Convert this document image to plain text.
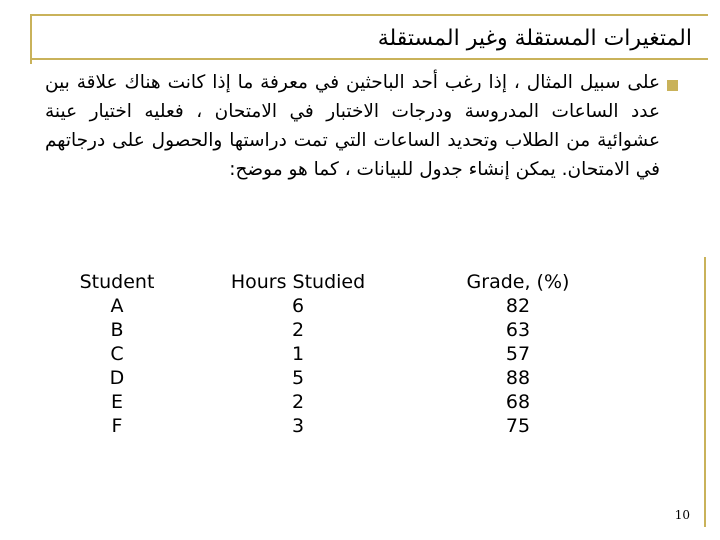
المتغيرات المستقلة وغير المستقلة
على سبيل المثال ، إذا رغب أحد الباحثين في معرفة ما إذا كانت هناك علاقة بين عدد الساعات المدروسة ودرجات الاختبار في الامتحان ، فعليه اختيار عينة عشوائية من الطلاب وتحديد الساعات التي تمت دراستها والحصول على درجاتهم في الامتحان. يمكن إنشاء جدول للبيانات ، كما هو موضح:
Student
A
B
C
D
E
F
Hours Studied
6
2
1
5
2
3
Grade, (%)
82
63
57
88
68
75
10
